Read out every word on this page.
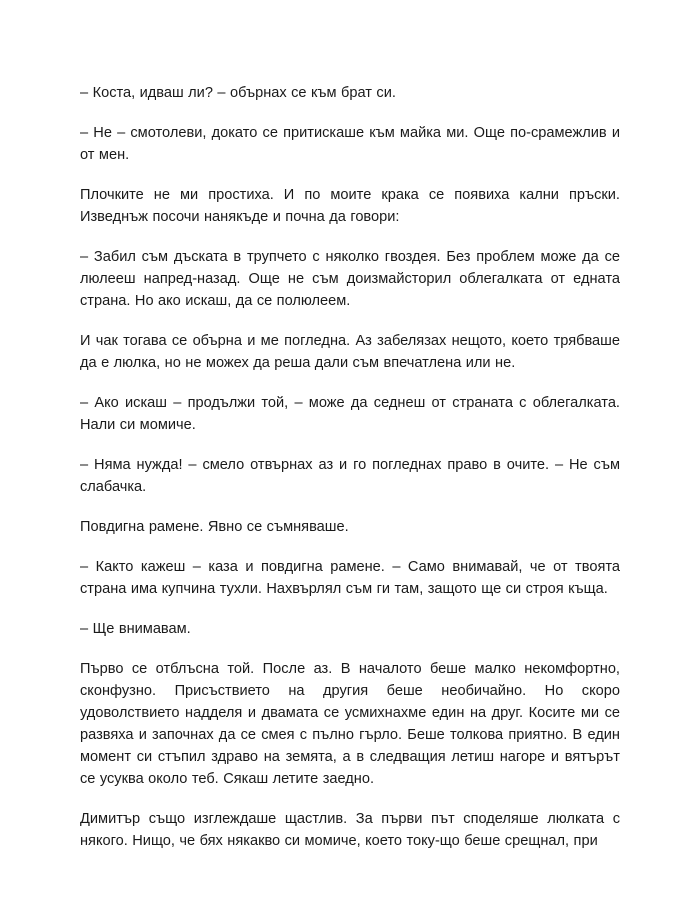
– Коста, идваш ли? – обърнах се към брат си.

– Не – смотолеви, докато се притискаше към майка ми. Още по-срамежлив и от мен.

Плочките не ми простиха. И по моите крака се появиха кални пръски. Изведнъж посочи нанякъде и почна да говори:

– Забил съм дъската в трупчето с няколко гвоздея. Без проблем може да се люлееш напред-назад. Още не съм доизмайсторил облегалката от едната страна. Но ако искаш, да се полюлеем.

И чак тогава се обърна и ме погледна. Аз забелязах нещото, което трябваше да е люлка, но не можех да реша дали съм впечатлена или не.

– Ако искаш – продължи той, – може да седнеш от страната с облегалката. Нали си момиче.

– Няма нужда! – смело отвърнах аз и го погледнах право в очите. – Не съм слабачка.

Повдигна рамене. Явно се съмняваше.

– Както кажеш – каза и повдигна рамене. – Само внимавай, че от твоята страна има купчина тухли. Нахвърлял съм ги там, защото ще си строя къща.

– Ще внимавам.

Първо се отблъсна той. После аз. В началото беше малко некомфортно, сконфузно. Присъствието на другия беше необичайно. Но скоро удоволствието надделя и двамата се усмихнахме един на друг. Косите ми се развяха и започнах да се смея с пълно гърло. Беше толкова приятно. В един момент си стъпил здраво на земята, а в следващия летиш нагоре и вятърът се усуква около теб. Сякаш летите заедно.

Димитър също изглеждаше щастлив. За първи път споделяше люлката с някого. Нищо, че бях някакво си момиче, което току-що беше срещнал, при
